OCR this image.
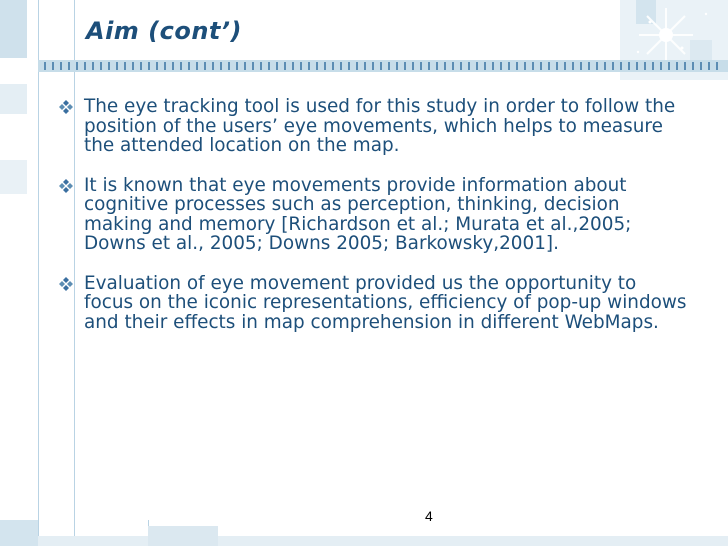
Aim (cont’)
The eye tracking tool is used for this study in order to follow the position of the users’ eye movements, which helps to measure the attended location on the map.
It is known that eye movements provide information about cognitive processes such as perception, thinking, decision making and memory [Richardson et al.; Murata et al.,2005; Downs et al., 2005; Downs 2005; Barkowsky,2001].
Evaluation of eye movement provided us the opportunity to focus on the iconic representations, efficiency of pop-up windows and their effects in map comprehension in different WebMaps.
4
